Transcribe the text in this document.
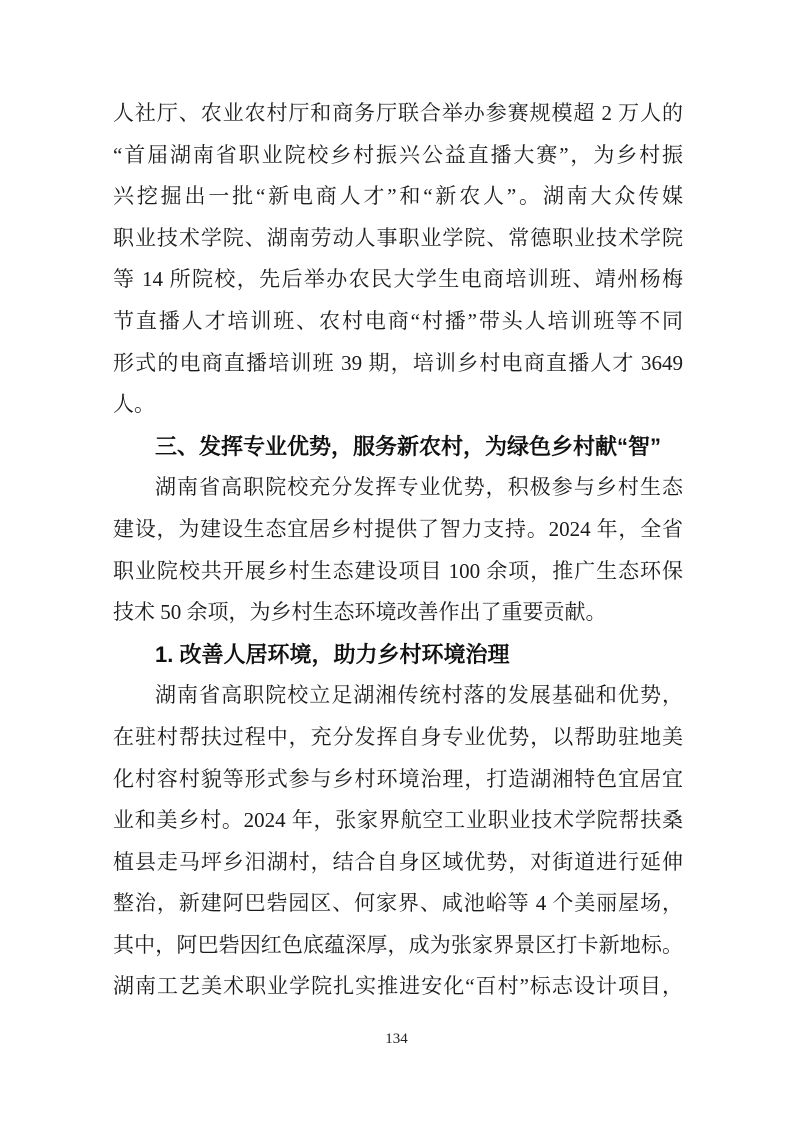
人社厅、农业农村厅和商务厅联合举办参赛规模超 2 万人的
“首届湖南省职业院校乡村振兴公益直播大赛”，为乡村振
兴挖掘出一批“新电商人才”和“新农人”。湖南大众传媒
职业技术学院、湖南劳动人事职业学院、常德职业技术学院
等 14 所院校，先后举办农民大学生电商培训班、靖州杨梅
节直播人才培训班、农村电商“村播”带头人培训班等不同
形式的电商直播培训班 39 期，培训乡村电商直播人才 3649
人。
三、发挥专业优势，服务新农村，为绿色乡村献“智”
湖南省高职院校充分发挥专业优势，积极参与乡村生态
建设，为建设生态宜居乡村提供了智力支持。2024 年，全省
职业院校共开展乡村生态建设项目 100 余项，推广生态环保
技术 50 余项，为乡村生态环境改善作出了重要贡献。
1. 改善人居环境，助力乡村环境治理
湖南省高职院校立足湖湘传统村落的发展基础和优势，
在驻村帮扶过程中，充分发挥自身专业优势，以帮助驻地美
化村容村貌等形式参与乡村环境治理，打造湖湘特色宜居宜
业和美乡村。2024 年，张家界航空工业职业技术学院帮扶桑
植县走马坪乡汨湖村，结合自身区域优势，对街道进行延伸
整治，新建阿巴砦园区、何家界、咸池峪等 4 个美丽屋场，
其中，阿巴砦因红色底蕴深厚，成为张家界景区打卡新地标。
湖南工艺美术职业学院扎实推进安化“百村”标志设计项目，
134
